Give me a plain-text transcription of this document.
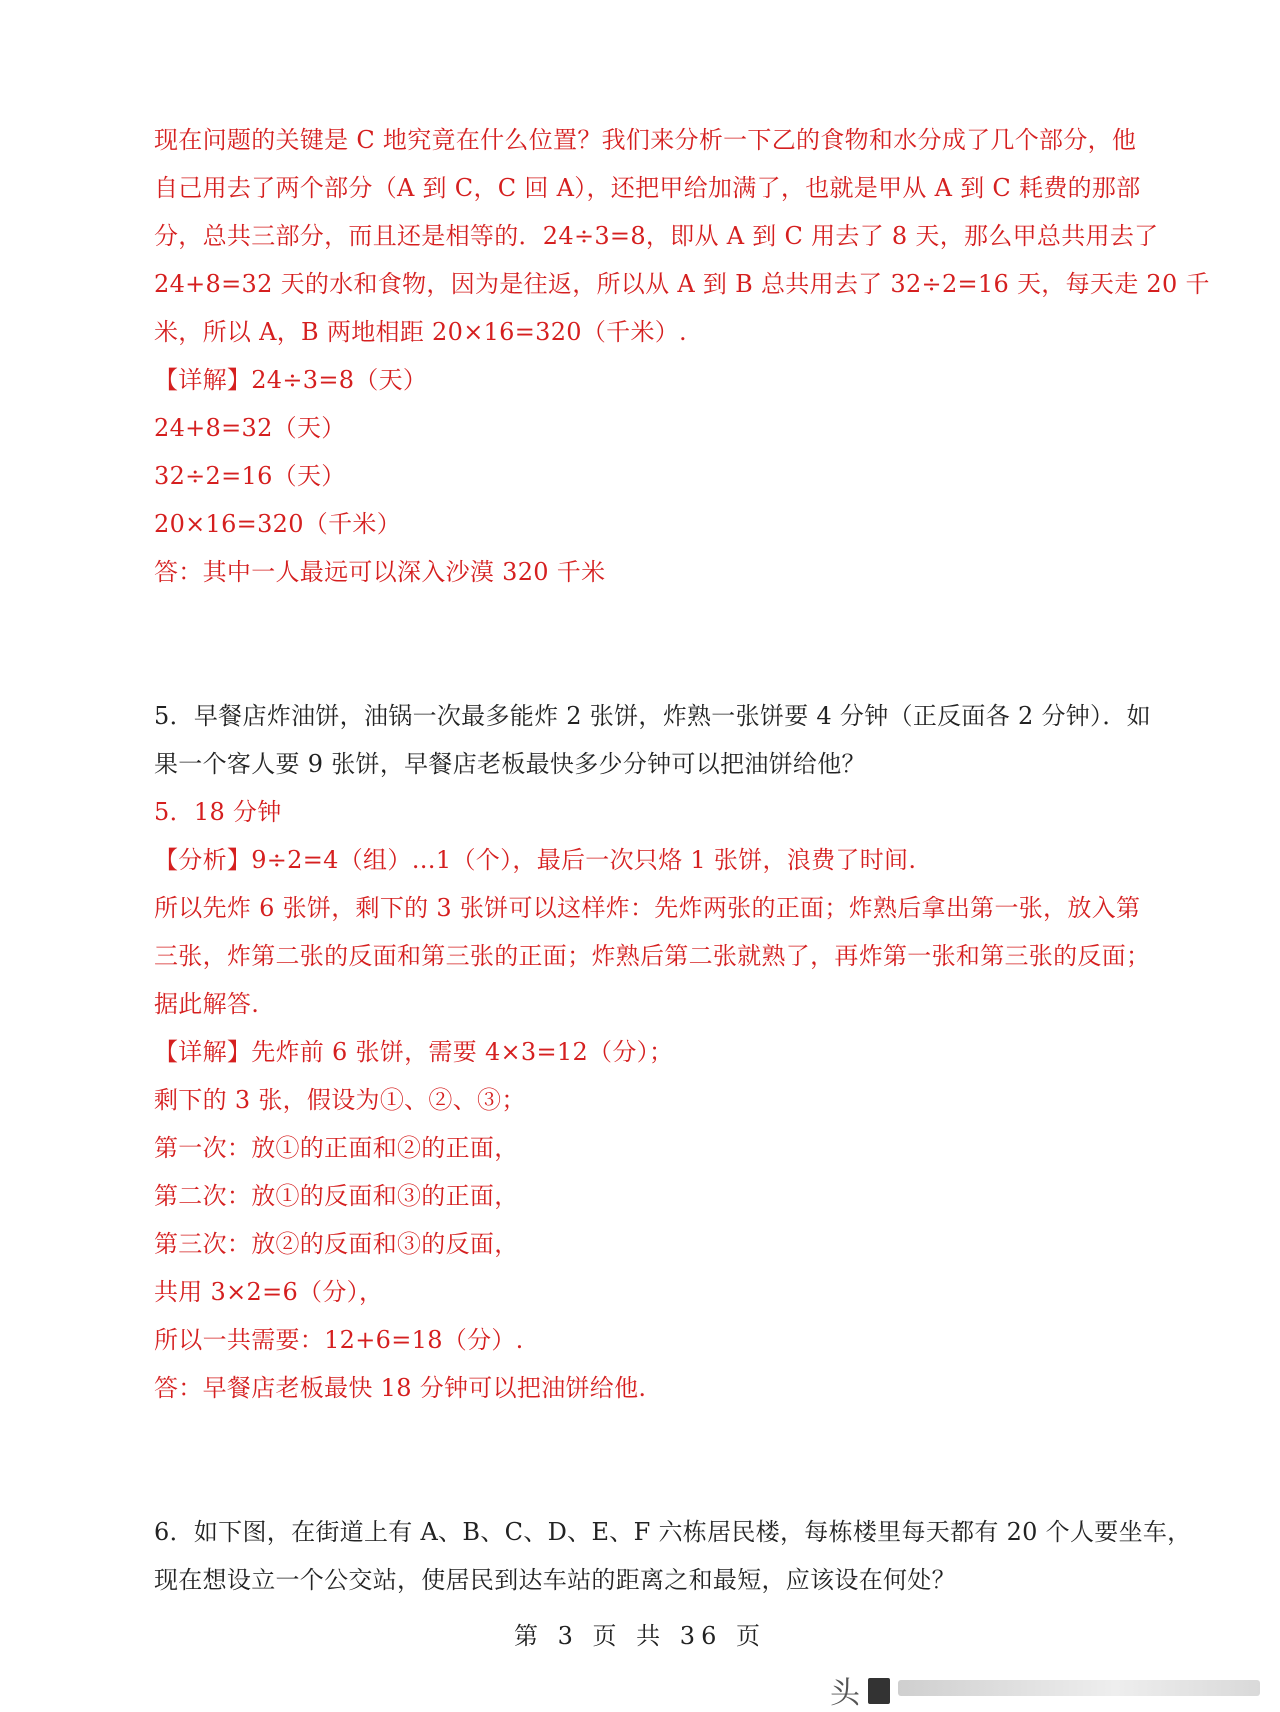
现在问题的关键是 C 地究竟在什么位置？我们来分析一下乙的食物和水分成了几个部分，他
自己用去了两个部分（A 到 C，C 回 A），还把甲给加满了，也就是甲从 A 到 C 耗费的那部
分，总共三部分，而且还是相等的．24÷3=8，即从 A 到 C 用去了 8 天，那么甲总共用去了
24+8=32 天的水和食物，因为是往返，所以从 A 到 B 总共用去了 32÷2=16 天，每天走 20 千
米，所以 A，B 两地相距 20×16=320（千米）.
【详解】24÷3=8（天）
24+8=32（天）
32÷2=16（天）
20×16=320（千米）
答：其中一人最远可以深入沙漠 320 千米
5．早餐店炸油饼，油锅一次最多能炸 2 张饼，炸熟一张饼要 4 分钟（正反面各 2 分钟）．如
果一个客人要 9 张饼，早餐店老板最快多少分钟可以把油饼给他？
5．18 分钟
【分析】9÷2=4（组）…1（个），最后一次只烙 1 张饼，浪费了时间.
所以先炸 6 张饼，剩下的 3 张饼可以这样炸：先炸两张的正面；炸熟后拿出第一张，放入第
三张，炸第二张的反面和第三张的正面；炸熟后第二张就熟了，再炸第一张和第三张的反面；
据此解答.
【详解】先炸前 6 张饼，需要 4×3=12（分）；
剩下的 3 张，假设为①、②、③；
第一次：放①的正面和②的正面，
第二次：放①的反面和③的正面，
第三次：放②的反面和③的反面，
共用 3×2=6（分），
所以一共需要：12+6=18（分）.
答：早餐店老板最快 18 分钟可以把油饼给他.
6．如下图，在街道上有 A、B、C、D、E、F 六栋居民楼，每栋楼里每天都有 20 个人要坐车，
现在想设立一个公交站，使居民到达车站的距离之和最短，应该设在何处？
第 3 页 共 36 页
头
